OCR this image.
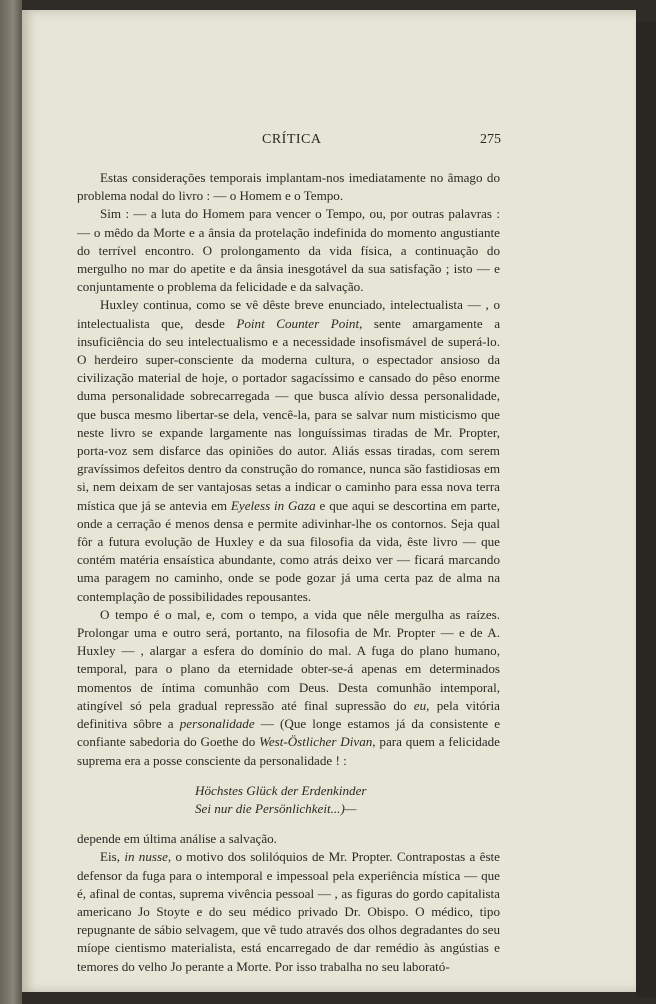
CRÍTICA	275

Estas considerações temporais implantam-nos imediatamente no âmago do problema nodal do livro : — o Homem e o Tempo.

Sim : — a luta do Homem para vencer o Tempo, ou, por outras palavras : — o mêdo da Morte e a ânsia da protelação indefinida do momento angustiante do terrível encontro. O prolongamento da vida física, a continuação do mergulho no mar do apetite e da ânsia inesgotável da sua satisfação ; isto — e conjuntamente o problema da felicidade e da salvação.

Huxley continua, como se vê dêste breve enunciado, intelectualista — , o intelectualista que, desde Point Counter Point, sente amargamente a insuficiência do seu intelectualismo e a necessidade insofismável de superá-lo. O herdeiro super-consciente da moderna cultura, o espectador ansioso da civilização material de hoje, o portador sagacíssimo e cansado do pêso enorme duma personalidade sobrecarregada — que busca alívio dessa personalidade, que busca mesmo libertar-se dela, vencê-la, para se salvar num misticismo que neste livro se expande largamente nas longuíssimas tiradas de Mr. Propter, porta-voz sem disfarce das opiniões do autor. Aliás essas tiradas, com serem gravíssimos defeitos dentro da construção do romance, nunca são fastidiosas em si, nem deixam de ser vantajosas setas a indicar o caminho para essa nova terra mística que já se antevia em Eyeless in Gaza e que aqui se descortina em parte, onde a cerração é menos densa e permite adivinhar-lhe os contornos. Seja qual fôr a futura evolução de Huxley e da sua filosofia da vida, êste livro — que contém matéria ensaística abundante, como atrás deixo ver — ficará marcando uma paragem no caminho, onde se pode gozar já uma certa paz de alma na contemplação de possibilidades repousantes.

O tempo é o mal, e, com o tempo, a vida que nêle mergulha as raízes. Prolongar uma e outro será, portanto, na filosofia de Mr. Propter — e de A. Huxley — , alargar a esfera do domínio do mal. A fuga do plano humano, temporal, para o plano da eternidade obter-se-á apenas em determinados momentos de íntima comunhão com Deus. Desta comunhão intemporal, atingível só pela gradual repressão até final supressão do eu, pela vitória definitiva sôbre a personalidade — (Que longe estamos já da consistente e confiante sabedoria do Goethe do West-Östlicher Divan, para quem a felicidade suprema era a posse consciente da personalidade ! :

Höchstes Glück der Erdenkinder
Sei nur die Persönlichkeit...)—

depende em última análise a salvação.

Eis, in nusse, o motivo dos solilóquios de Mr. Propter. Contrapostas a êste defensor da fuga para o intemporal e impessoal pela experiência mística — que é, afinal de contas, suprema vivência pessoal — , as figuras do gordo capitalista americano Jo Stoyte e do seu médico privado Dr. Obispo. O médico, tipo repugnante de sábio selvagem, que vê tudo através dos olhos degradantes do seu míope cientismo materialista, está encarregado de dar remédio às angústias e temores do velho Jo perante a Morte. Por isso trabalha no seu laborató-
